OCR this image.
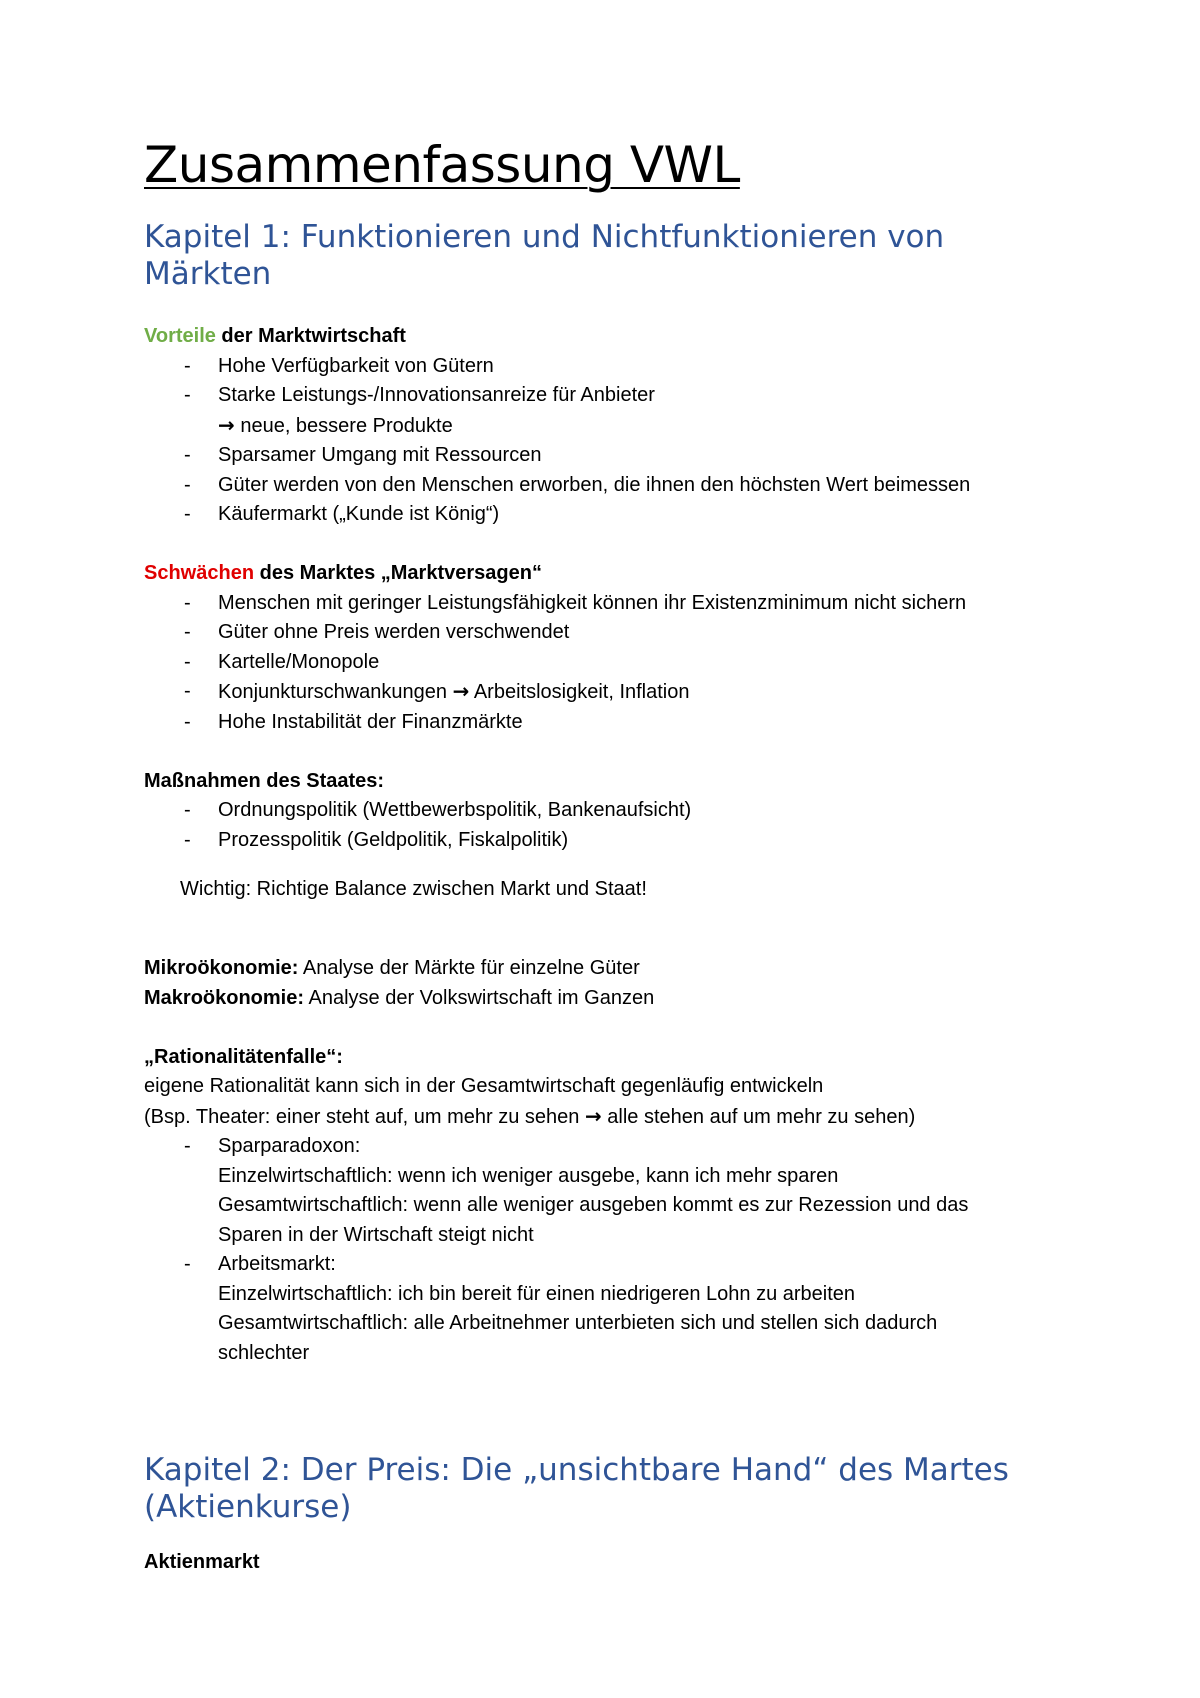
Zusammenfassung VWL
Kapitel 1: Funktionieren und Nichtfunktionieren von Märkten

Vorteile der Marktwirtschaft

- Hohe Verfügbarkeit von Gütern
- Starke Leistungs-/Innovationsanreize für Anbieter
→ neue, bessere Produkte
- Sparsamer Umgang mit Ressourcen
- Güter werden von den Menschen erworben, die ihnen den höchsten Wert beimessen
- Käufermarkt („Kunde ist König“)

Schwächen des Marktes „Marktversagen“

- Menschen mit geringer Leistungsfähigkeit können ihr Existenzminimum nicht sichern
- Güter ohne Preis werden verschwendet
- Kartelle/Monopole
- Konjunkturschwankungen → Arbeitslosigkeit, Inflation
- Hohe Instabilität der Finanzmärkte

Maßnahmen des Staates:

- Ordnungspolitik (Wettbewerbspolitik, Bankenaufsicht)
- Prozesspolitik (Geldpolitik, Fiskalpolitik)

Wichtig: Richtige Balance zwischen Markt und Staat!

Mikroökonomie: Analyse der Märkte für einzelne Güter

Makroökonomie: Analyse der Volkswirtschaft im Ganzen

„Rationalitätenfalle“:

eigene Rationalität kann sich in der Gesamtwirtschaft gegenläufig entwickeln

(Bsp. Theater: einer steht auf, um mehr zu sehen → alle stehen auf um mehr zu sehen)

- Sparparadoxon:
Einzelwirtschaftlich: wenn ich weniger ausgebe, kann ich mehr sparen
Gesamtwirtschaftlich: wenn alle weniger ausgeben kommt es zur Rezession und das
Sparen in der Wirtschaft steigt nicht
- Arbeitsmarkt:
Einzelwirtschaftlich: ich bin bereit für einen niedrigeren Lohn zu arbeiten
Gesamtwirtschaftlich: alle Arbeitnehmer unterbieten sich und stellen sich dadurch
schlechter
Kapitel 2: Der Preis: Die „unsichtbare Hand“ des Martes (Aktienkurse)

Aktienmarkt
